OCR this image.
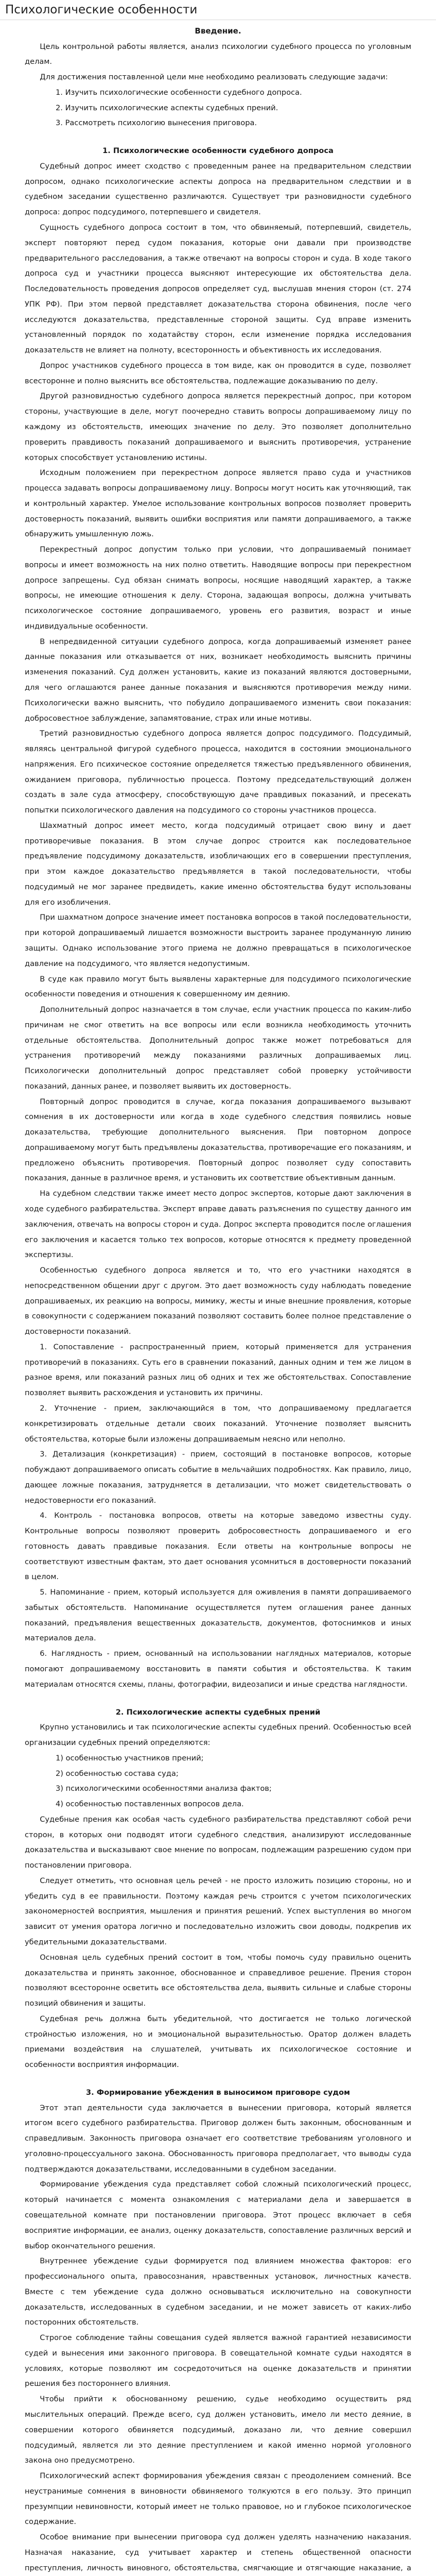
Психологические особенности
Введение.

Цель контрольной работы является, анализ психологии судебного процесса по уголовным делам.

Для достижения поставленной цели мне необходимо реализовать следующие задачи:

1. Изучить психологические особенности судебного допроса.
2. Изучить психологические аспекты судебных прений.
3. Рассмотреть психологию вынесения приговора.
1. Психологические особенности судебного допроса

Судебный допрос имеет сходство с проведенным ранее на предварительном следствии допросом, однако психологические аспекты допроса на предварительном следствии и в судебном заседании существенно различаются. Существует три разновидности судебного допроса: допрос подсудимого, потерпевшего и свидетеля.

Сущность судебного допроса состоит в том, что обвиняемый, потерпевший, свидетель, эксперт повторяют перед судом показания, которые они давали при производстве предварительного расследования, а также отвечают на вопросы сторон и суда. В ходе такого допроса суд и участники процесса выясняют интересующие их обстоятельства дела. Последовательность проведения допросов определяет суд, выслушав мнения сторон (ст. 274 УПК РФ). При этом первой представляет доказательства сторона обвинения, после чего исследуются доказательства, представленные стороной защиты. Суд вправе изменить установленный порядок по ходатайству сторон, если изменение порядка исследования доказательств не влияет на полноту, всесторонность и объективность их исследования.

Допрос участников судебного процесса в том виде, как он проводится в суде, позволяет всесторонне и полно выяснить все обстоятельства, подлежащие доказыванию по делу.

Другой разновидностью судебного допроса является перекрестный допрос, при котором стороны, участвующие в деле, могут поочередно ставить вопросы допрашиваемому лицу по каждому из обстоятельств, имеющих значение по делу. Это позволяет дополнительно проверить правдивость показаний допрашиваемого и выяснить противоречия, устранение которых способствует установлению истины.

Исходным положением при перекрестном допросе является право суда и участников процесса задавать вопросы допрашиваемому лицу. Вопросы могут носить как уточняющий, так и контрольный характер. Умелое использование контрольных вопросов позволяет проверить достоверность показаний, выявить ошибки восприятия или памяти допрашиваемого, а также обнаружить умышленную ложь.

Перекрестный допрос допустим только при условии, что допрашиваемый понимает вопросы и имеет возможность на них полно ответить. Наводящие вопросы при перекрестном допросе запрещены. Суд обязан снимать вопросы, носящие наводящий характер, а также вопросы, не имеющие отношения к делу. Сторона, задающая вопросы, должна учитывать психологическое состояние допрашиваемого, уровень его развития, возраст и иные индивидуальные особенности.

В непредвиденной ситуации судебного допроса, когда допрашиваемый изменяет ранее данные показания или отказывается от них, возникает необходимость выяснить причины изменения показаний. Суд должен установить, какие из показаний являются достоверными, для чего оглашаются ранее данные показания и выясняются противоречия между ними. Психологически важно выяснить, что побудило допрашиваемого изменить свои показания: добросовестное заблуждение, запамятование, страх или иные мотивы.

Третий разновидностью судебного допроса является допрос подсудимого. Подсудимый, являясь центральной фигурой судебного процесса, находится в состоянии эмоционального напряжения. Его психическое состояние определяется тяжестью предъявленного обвинения, ожиданием приговора, публичностью процесса. Поэтому председательствующий должен создать в зале суда атмосферу, способствующую даче правдивых показаний, и пресекать попытки психологического давления на подсудимого со стороны участников процесса.

Шахматный допрос имеет место, когда подсудимый отрицает свою вину и дает противоречивые показания. В этом случае допрос строится как последовательное предъявление подсудимому доказательств, изобличающих его в совершении преступления, при этом каждое доказательство предъявляется в такой последовательности, чтобы подсудимый не мог заранее предвидеть, какие именно обстоятельства будут использованы для его изобличения.

При шахматном допросе значение имеет постановка вопросов в такой последовательности, при которой допрашиваемый лишается возможности выстроить заранее продуманную линию защиты. Однако использование этого приема не должно превращаться в психологическое давление на подсудимого, что является недопустимым.

В суде как правило могут быть выявлены характерные для подсудимого психологические особенности поведения и отношения к совершенному им деянию.

Дополнительный допрос назначается в том случае, если участник процесса по каким-либо причинам не смог ответить на все вопросы или если возникла необходимость уточнить отдельные обстоятельства. Дополнительный допрос также может потребоваться для устранения противоречий между показаниями различных допрашиваемых лиц. Психологически дополнительный допрос представляет собой проверку устойчивости показаний, данных ранее, и позволяет выявить их достоверность.

Повторный допрос проводится в случае, когда показания допрашиваемого вызывают сомнения в их достоверности или когда в ходе судебного следствия появились новые доказательства, требующие дополнительного выяснения. При повторном допросе допрашиваемому могут быть предъявлены доказательства, противоречащие его показаниям, и предложено объяснить противоречия. Повторный допрос позволяет суду сопоставить показания, данные в различное время, и установить их соответствие объективным данным.

На судебном следствии также имеет место допрос экспертов, которые дают заключения в ходе судебного разбирательства. Эксперт вправе давать разъяснения по существу данного им заключения, отвечать на вопросы сторон и суда. Допрос эксперта проводится после оглашения его заключения и касается только тех вопросов, которые относятся к предмету проведенной экспертизы.

Особенностью судебного допроса является и то, что его участники находятся в непосредственном общении друг с другом. Это дает возможность суду наблюдать поведение допрашиваемых, их реакцию на вопросы, мимику, жесты и иные внешние проявления, которые в совокупности с содержанием показаний позволяют составить более полное представление о достоверности показаний.

1. Сопоставление - распространенный прием, который применяется для устранения противоречий в показаниях. Суть его в сравнении показаний, данных одним и тем же лицом в разное время, или показаний разных лиц об одних и тех же обстоятельствах. Сопоставление позволяет выявить расхождения и установить их причины.

2. Уточнение - прием, заключающийся в том, что допрашиваемому предлагается конкретизировать отдельные детали своих показаний. Уточнение позволяет выяснить обстоятельства, которые были изложены допрашиваемым неясно или неполно.

3. Детализация (конкретизация) - прием, состоящий в постановке вопросов, которые побуждают допрашиваемого описать событие в мельчайших подробностях. Как правило, лицо, дающее ложные показания, затрудняется в детализации, что может свидетельствовать о недостоверности его показаний.

4. Контроль - постановка вопросов, ответы на которые заведомо известны суду. Контрольные вопросы позволяют проверить добросовестность допрашиваемого и его готовность давать правдивые показания. Если ответы на контрольные вопросы не соответствуют известным фактам, это дает основания усомниться в достоверности показаний в целом.

5. Напоминание - прием, который используется для оживления в памяти допрашиваемого забытых обстоятельств. Напоминание осуществляется путем оглашения ранее данных показаний, предъявления вещественных доказательств, документов, фотоснимков и иных материалов дела.

6. Наглядность - прием, основанный на использовании наглядных материалов, которые помогают допрашиваемому восстановить в памяти события и обстоятельства. К таким материалам относятся схемы, планы, фотографии, видеозаписи и иные средства наглядности.

2. Психологические аспекты судебных прений

Крупно установились и так психологические аспекты судебных прений. Особенностью всей организации судебных прений определяются:

1) особенностью участников прений;
2) особенностью состава суда;
3) психологическими особенностями анализа фактов;
4) особенностью поставленных вопросов дела.

Судебные прения как особая часть судебного разбирательства представляют собой речи сторон, в которых они подводят итоги судебного следствия, анализируют исследованные доказательства и высказывают свое мнение по вопросам, подлежащим разрешению судом при постановлении приговора.

Следует отметить, что основная цель речей - не просто изложить позицию стороны, но и убедить суд в ее правильности. Поэтому каждая речь строится с учетом психологических закономерностей восприятия, мышления и принятия решений. Успех выступления во многом зависит от умения оратора логично и последовательно изложить свои доводы, подкрепив их убедительными доказательствами.

Основная цель судебных прений состоит в том, чтобы помочь суду правильно оценить доказательства и принять законное, обоснованное и справедливое решение. Прения сторон позволяют всесторонне осветить все обстоятельства дела, выявить сильные и слабые стороны позиций обвинения и защиты.

Судебная речь должна быть убедительной, что достигается не только логической стройностью изложения, но и эмоциональной выразительностью. Оратор должен владеть приемами воздействия на слушателей, учитывать их психологическое состояние и особенности восприятия информации.

3. Формирование убеждения в выносимом приговоре судом

Этот этап деятельности суда заключается в вынесении приговора, который является итогом всего судебного разбирательства. Приговор должен быть законным, обоснованным и справедливым. Законность приговора означает его соответствие требованиям уголовного и уголовно-процессуального закона. Обоснованность приговора предполагает, что выводы суда подтверждаются доказательствами, исследованными в судебном заседании.

Формирование убеждения суда представляет собой сложный психологический процесс, который начинается с момента ознакомления с материалами дела и завершается в совещательной комнате при постановлении приговора. Этот процесс включает в себя восприятие информации, ее анализ, оценку доказательств, сопоставление различных версий и выбор окончательного решения.

Внутреннее убеждение судьи формируется под влиянием множества факторов: его профессионального опыта, правосознания, нравственных установок, личностных качеств. Вместе с тем убеждение суда должно основываться исключительно на совокупности доказательств, исследованных в судебном заседании, и не может зависеть от каких-либо посторонних обстоятельств.

Строгое соблюдение тайны совещания судей является важной гарантией независимости судей и вынесения ими законного приговора. В совещательной комнате судьи находятся в условиях, которые позволяют им сосредоточиться на оценке доказательств и принятии решения без постороннего влияния.

Чтобы прийти к обоснованному решению, судье необходимо осуществить ряд мыслительных операций. Прежде всего, суд должен установить, имело ли место деяние, в совершении которого обвиняется подсудимый, доказано ли, что деяние совершил подсудимый, является ли это деяние преступлением и какой именно нормой уголовного закона оно предусмотрено.

Психологический аспект формирования убеждения связан с преодолением сомнений. Все неустранимые сомнения в виновности обвиняемого толкуются в его пользу. Это принцип презумпции невиновности, который имеет не только правовое, но и глубокое психологическое содержание.

Особое внимание при вынесении приговора суд должен уделять назначению наказания. Назначая наказание, суд учитывает характер и степень общественной опасности преступления, личность виновного, обстоятельства, смягчающие и отягчающие наказание, а
